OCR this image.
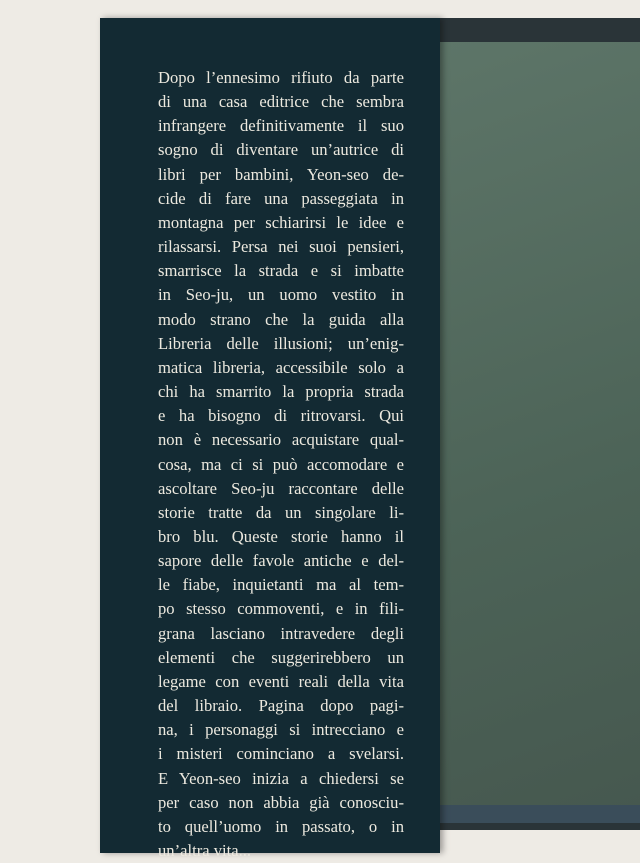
Dopo l’ennesimo rifiuto da parte
di una casa editrice che sembra
infrangere definitivamente il suo
sogno di diventare un’autrice di
libri per bambini, Yeon-seo de-
cide di fare una passeggiata in
montagna per schiarirsi le idee e
rilassarsi. Persa nei suoi pensieri,
smarrisce la strada e si imbatte
in Seo-ju, un uomo vestito in
modo strano che la guida alla
Libreria delle illusioni; un’enig-
matica libreria, accessibile solo a
chi ha smarrito la propria strada
e ha bisogno di ritrovarsi. Qui
non è necessario acquistare qual-
cosa, ma ci si può accomodare e
ascoltare Seo-ju raccontare delle
storie tratte da un singolare li-
bro blu. Queste storie hanno il
sapore delle favole antiche e del-
le fiabe, inquietanti ma al tem-
po stesso commoventi, e in fili-
grana lasciano intravedere degli
elementi che suggerirebbero un
legame con eventi reali della vita
del libraio. Pagina dopo pagi-
na, i personaggi si intrecciano e
i misteri cominciano a svelarsi.
E Yeon-seo inizia a chiedersi se
per caso non abbia già conosciu-
to quell’uomo in passato, o in
un’altra vita...
